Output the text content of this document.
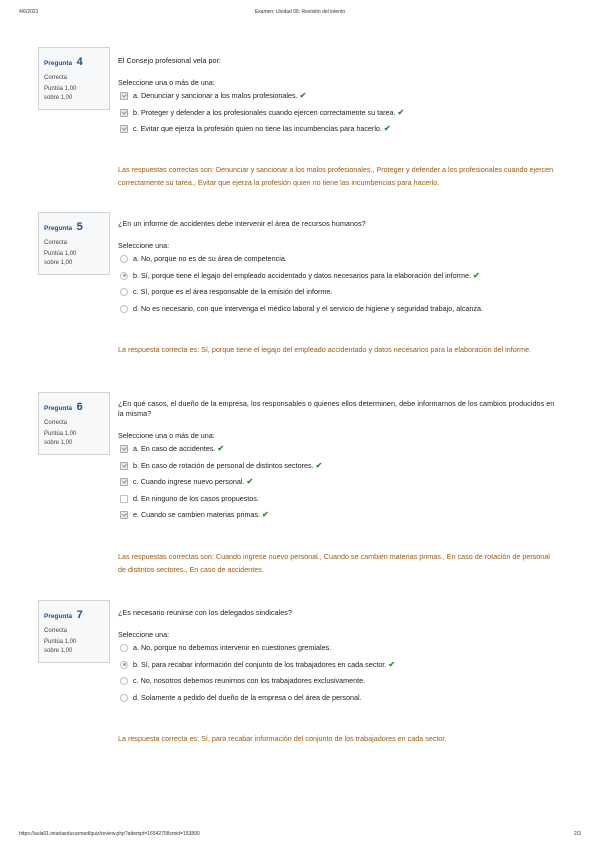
4/6/2021	Examen: Unidad 06: Revisión del intento
Pregunta 4
Correcta
Puntúa 1,00
sobre 1,00
El Consejo profesional vela por:
Seleccione una o más de una:
a. Denunciar y sancionar a los malos profesionales. ✔
b. Proteger y defender a los profesionales cuando ejercen correctamente su tarea. ✔
c. Evitar que ejerza la profesión quien no tiene las incumbencias para hacerlo. ✔
Las respuestas correctas son: Denunciar y sancionar a los malos profesionales., Proteger y defender a los profesionales cuando ejercen correctamente su tarea., Evitar que ejerza la profesión quien no tiene las incumbencias para hacerlo.
Pregunta 5
Correcta
Puntúa 1,00
sobre 1,00
¿En un informe de accidentes debe intervenir el área de recursos humanos?
Seleccione una:
a. No, porque no es de su área de competencia.
b. Sí, porque tiene el legajo del empleado accidentado y datos necesarios para la elaboración del informe. ✔
c. Sí, porque es el área responsable de la emisión del informe.
d. No es necesario, con que intervenga el médico laboral y el servicio de higiene y seguridad trabajo, alcanza.
La respuesta correcta es: Sí, porque tiene el legajo del empleado accidentado y datos necesarios para la elaboración del informe.
Pregunta 6
Correcta
Puntúa 1,00
sobre 1,00
¿En qué casos, el dueño de la empresa, los responsables o quienes ellos determinen, debe informarnos de los cambios producidos en la misma?
Seleccione una o más de una:
a. En caso de accidentes. ✔
b. En caso de rotación de personal de distintos sectores. ✔
c. Cuando ingrese nuevo personal. ✔
d. En ninguno de los casos propuestos.
e. Cuando se cambien materias primas. ✔
Las respuestas correctas son: Cuando ingrese nuevo personal., Cuando se cambien materias primas., En caso de rotación de personal de distintos sectores., En caso de accidentes.
Pregunta 7
Correcta
Puntúa 1,00
sobre 1,00
¿Es necesario reunirse con los delegados sindicales?
Seleccione una:
a. No, porque no debemos intervenir en cuestiones gremiales.
b. Sí, para recabar información del conjunto de los trabajadores en cada sector. ✔
c. No, nosotros debemos reunirnos con los trabajadores exclusivamente.
d. Solamente a pedido del dueño de la empresa o del área de personal.
La respuesta correcta es: Sí, para recabar información del conjunto de los trabajadores en cada sector.
https://aula01.intarlaeducarmed/quiz/review.php?attempt=16542758cmid=153890	2/3
